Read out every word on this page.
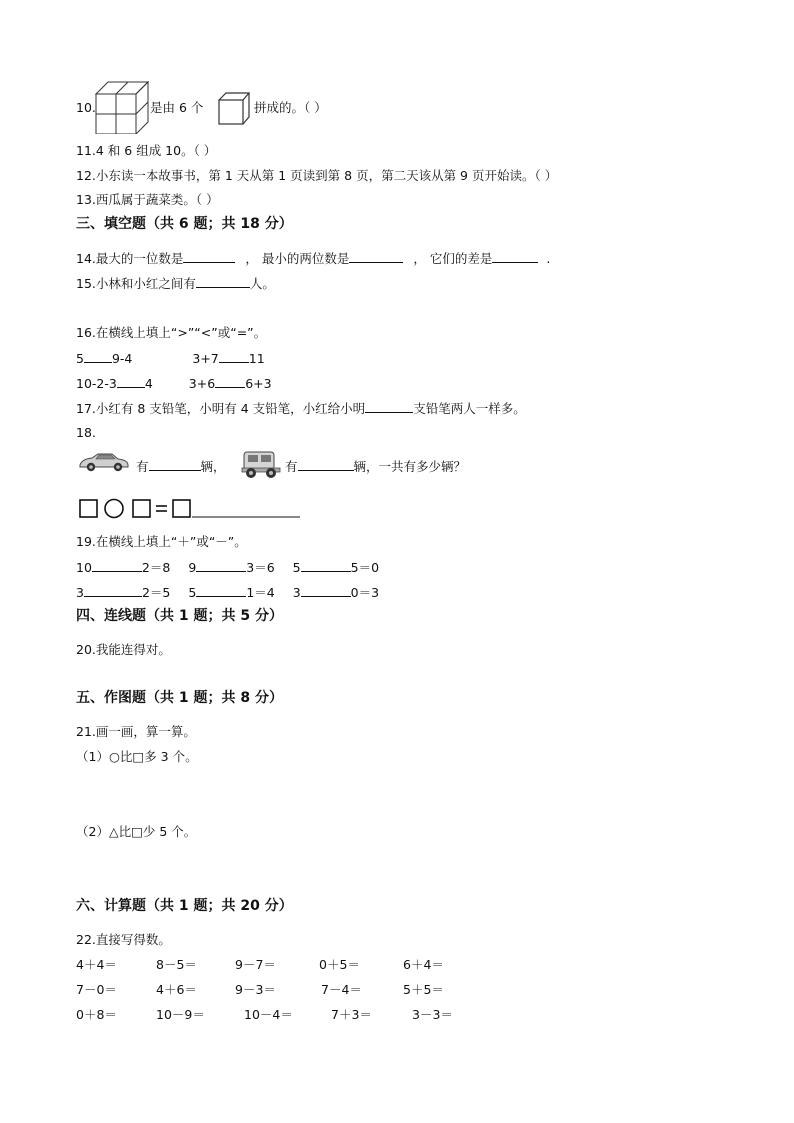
10.	是由 6 个	拼成的。（ ）
11.4 和 6 组成 10。（ ）
12.小东读一本故事书，第 1 天从第 1 页读到第 8 页，第二天该从第 9 页开始读。（ ）
13.西瓜属于蔬菜类。（ ）
三、填空题（共 6 题；共 18 分）
14.最大的一位数是	， 最小的两位数是	， 它们的差是	.
15.小林和小红之间有	人。
16.在横线上填上“>”“<”或“=”。
5 9-4	3+7 11
10-2-3 4	3+6 6+3
17.小红有 8 支铅笔，小明有 4 支铅笔，小红给小明	支铅笔两人一样多。
18.
有	辆，	有	辆，一共有多少辆？
19.在横线上填上“＋”或“－”。
10	2＝8 9	3＝6 5	5＝0
3	2＝5 5	1＝4 3	0＝3
四、连线题（共 1 题；共 5 分）
20.我能连得对。
五、作图题（共 1 题；共 8 分）
21.画一画，算一算。
（1）○比□多 3 个。
（2）△比□少 5 个。
六、计算题（共 1 题；共 20 分）
22.直接写得数。
4＋4＝	8－5＝	9－7＝	0＋5＝	6＋4＝
7－0＝	4＋6＝	9－3＝	7－4＝	5＋5＝
0＋8＝	10－9＝	10－4＝	7＋3＝	3－3＝
